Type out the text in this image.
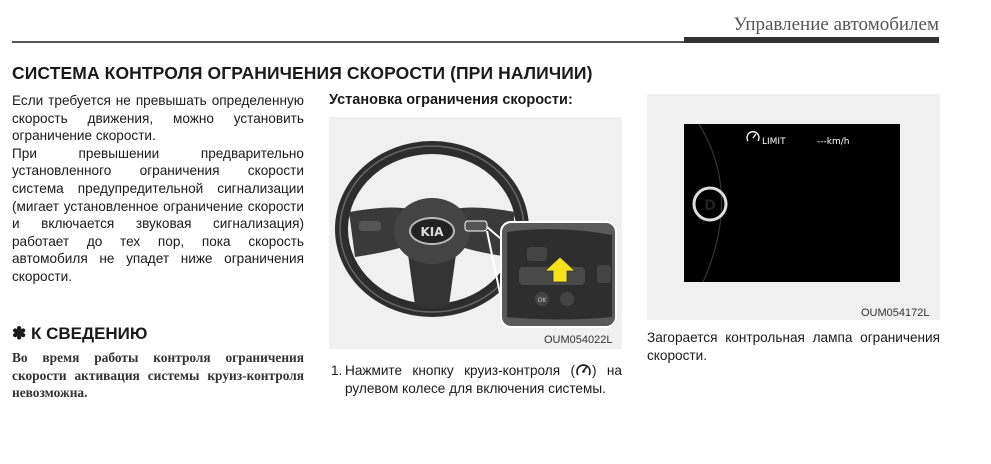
Управление автомобилем
СИСТЕМА КОНТРОЛЯ ОГРАНИЧЕНИЯ СКОРОСТИ (ПРИ НАЛИЧИИ)

Если требуется не превышать определенную скорость движения, можно установить ограничение скорости.

При превышении предварительно установленного ограничения скорости система предупредительной сигнализации (мигает установленное ограничение скорости и включается звуковая сигнализация) работает до тех пор, пока скорость автомобиля не упадет ниже ограничения скорости.

✽ К СВЕДЕНИЮ
Во время работы контроля ограничения скорости активация системы круиз-контроля невозможна.
Установка ограничения скорости:
KIA
OK
OUM054022L
1. Нажмите кнопку круиз-контроля ( ) на рулевом колесе для включения системы.
D
LIMIT	---km/h
OUM054172L
Загорается контрольная лампа ограничения скорости.
